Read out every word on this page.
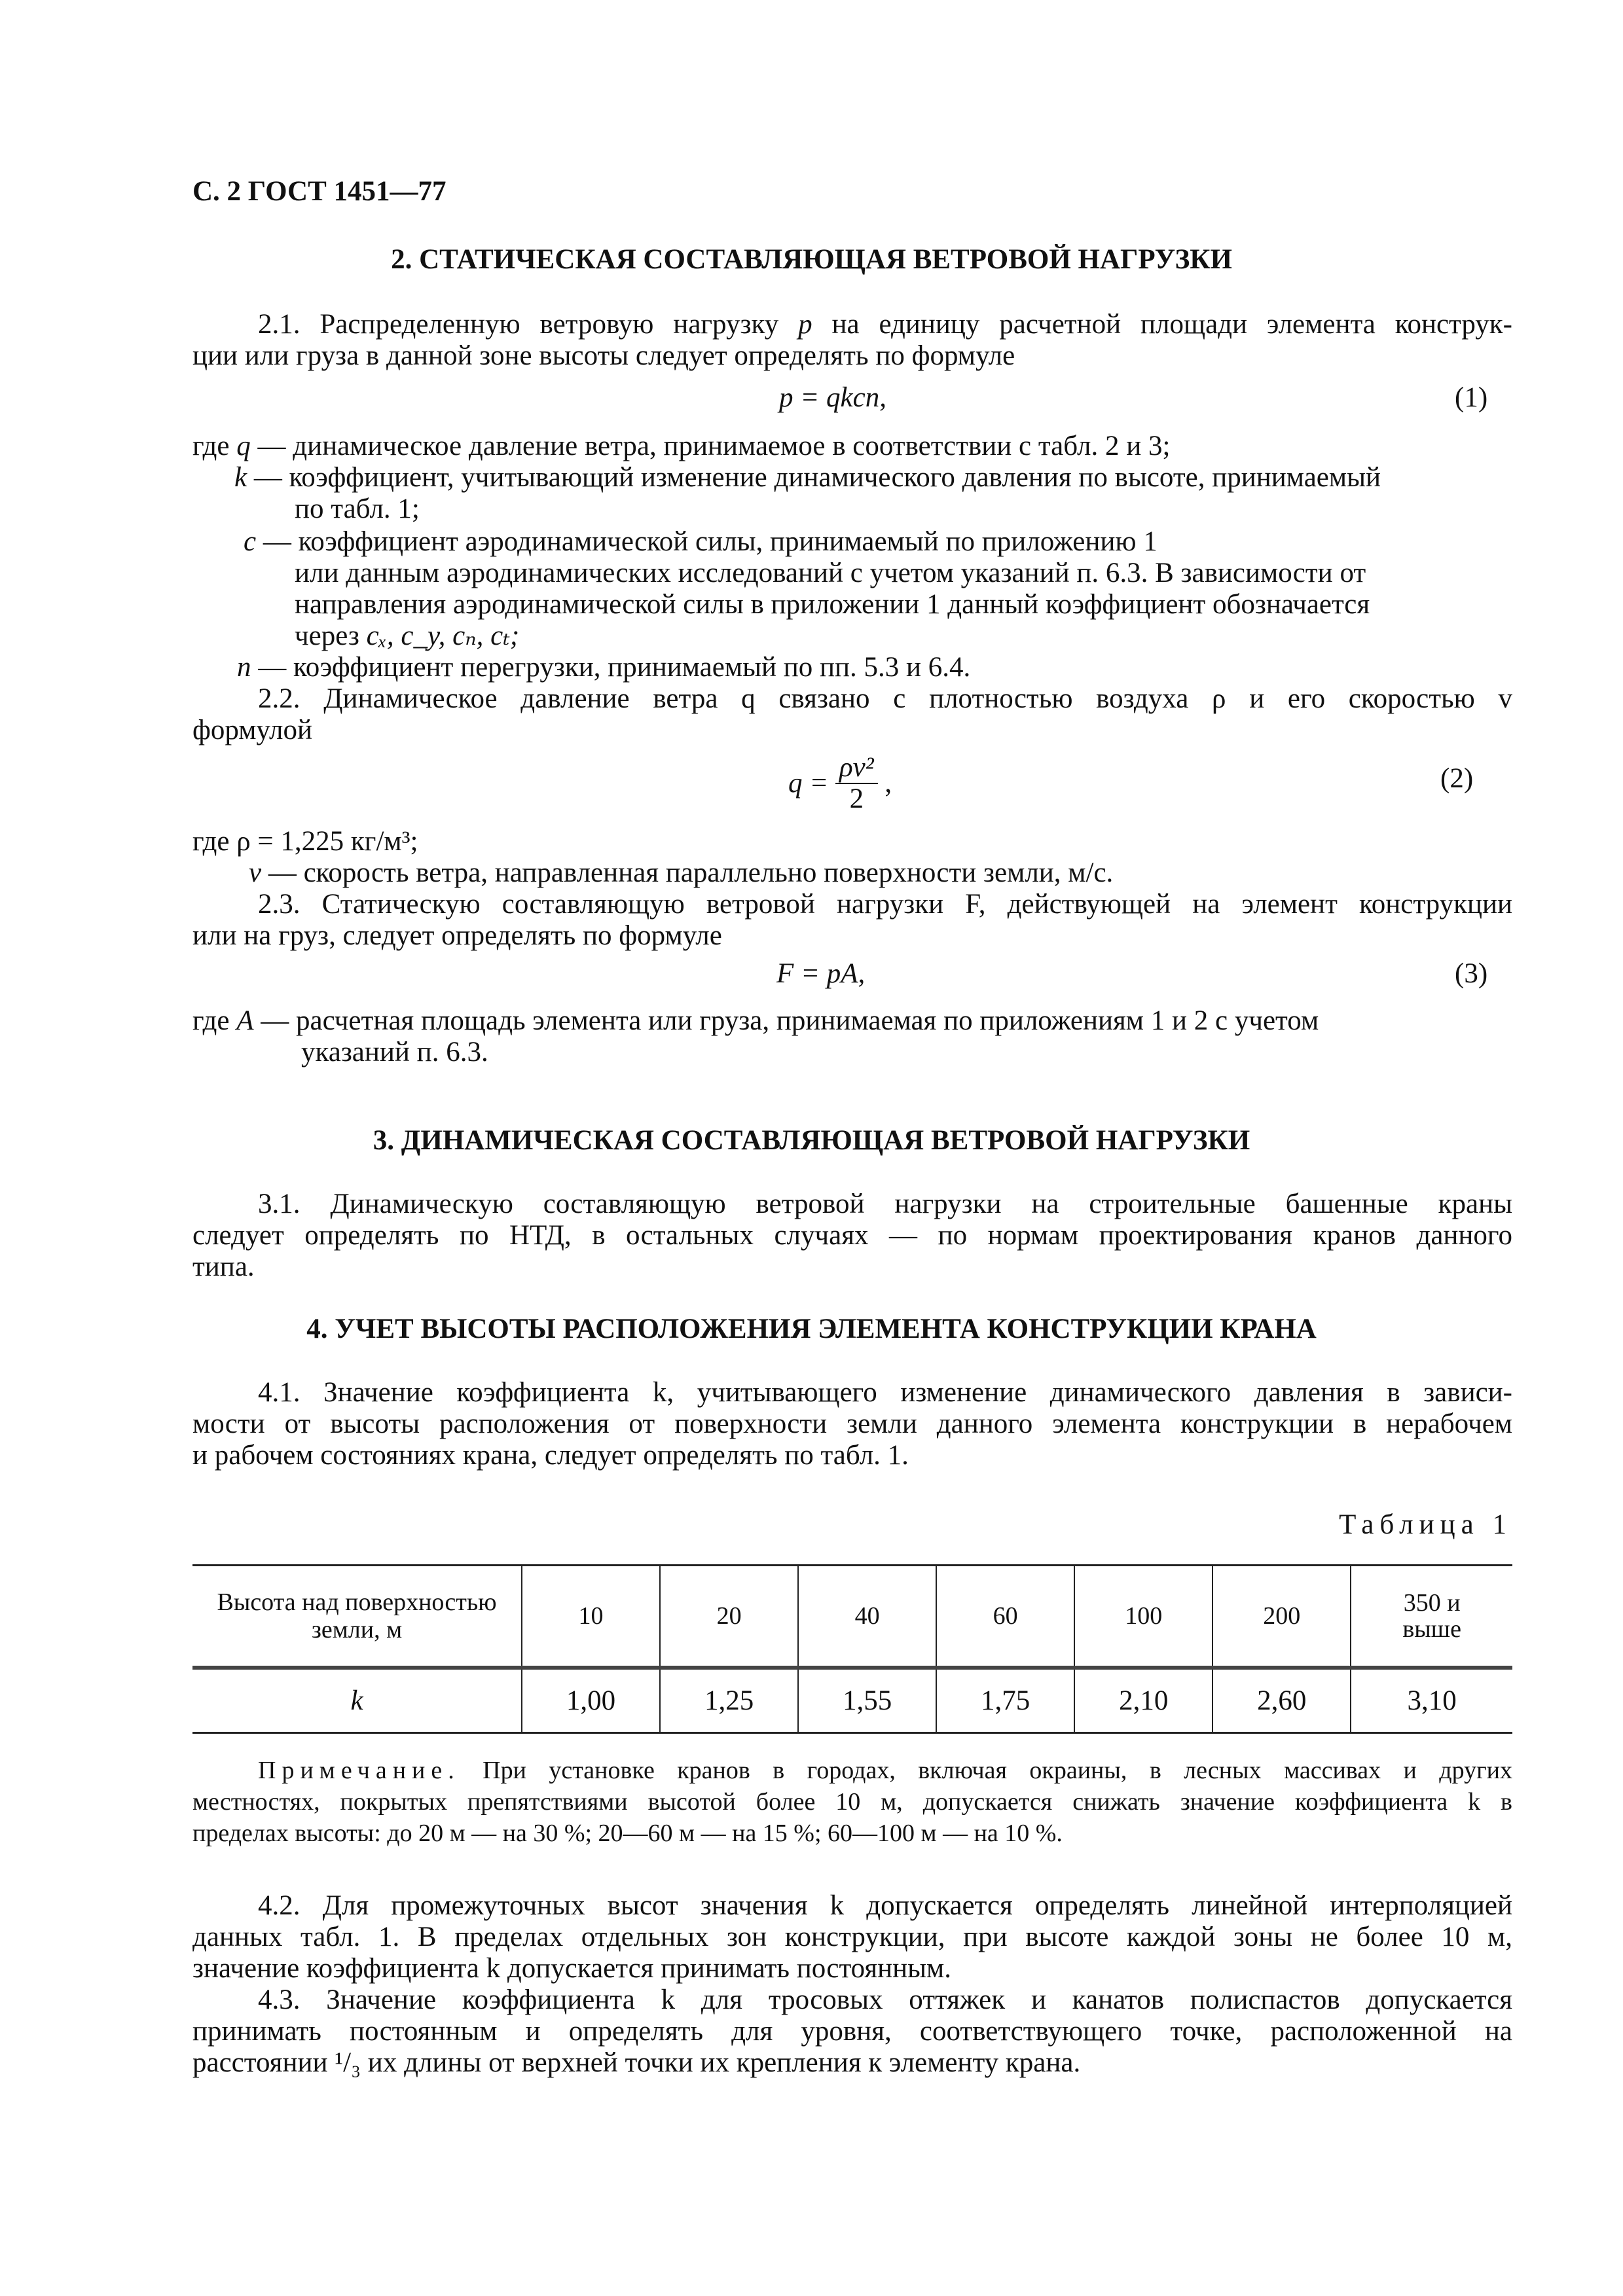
С. 2 ГОСТ 1451—77
2. СТАТИЧЕСКАЯ СОСТАВЛЯЮЩАЯ ВЕТРОВОЙ НАГРУЗКИ
2.1. Распределенную ветровую нагрузку p на единицу расчетной площади элемента конструк-
ции или груза в данной зоне высоты следует определять по формуле
p = qkcn,	(1)
где q — динамическое давление ветра, принимаемое в соответствии с табл. 2 и 3;
k — коэффициент, учитывающий изменение динамического давления по высоте, принимаемый
по табл. 1;
c — коэффициент аэродинамической силы, принимаемый по приложению 1
или данным аэродинамических исследований с учетом указаний п. 6.3. В зависимости от
направления аэродинамической силы в приложении 1 данный коэффициент обозначается
через cₓ, c_y, cₙ, cₜ;
n — коэффициент перегрузки, принимаемый по пп. 5.3 и 6.4.
2.2. Динамическое давление ветра q связано с плотностью воздуха ρ и его скоростью v
формулой
$q = \frac{\text{ρv²}}{2}$ ,	(2)
где ρ = 1,225 кг/м³;
v — скорость ветра, направленная параллельно поверхности земли, м/с.
2.3. Статическую составляющую ветровой нагрузки F, действующей на элемент конструкции
или на груз, следует определять по формуле
F = pA,	(3)
где A — расчетная площадь элемента или груза, принимаемая по приложениям 1 и 2 с учетом
указаний п. 6.3.
3. ДИНАМИЧЕСКАЯ СОСТАВЛЯЮЩАЯ ВЕТРОВОЙ НАГРУЗКИ
3.1. Динамическую составляющую ветровой нагрузки на строительные башенные краны
следует определять по НТД, в остальных случаях — по нормам проектирования кранов данного
типа.
4. УЧЕТ ВЫСОТЫ РАСПОЛОЖЕНИЯ ЭЛЕМЕНТА КОНСТРУКЦИИ КРАНА
4.1. Значение коэффициента k, учитывающего изменение динамического давления в зависи-
мости от высоты расположения от поверхности земли данного элемента конструкции в нерабочем
и рабочем состояниях крана, следует определять по табл. 1.
Таблица 1
Высота над поверхностью
земли, м	10	20	40	60	100	200	350 и
выше
k	1,00	1,25	1,55	1,75	2,10	2,60	3,10
Примечание. При установке кранов в городах, включая окраины, в лесных массивах и других
местностях, покрытых препятствиями высотой более 10 м, допускается снижать значение коэффициента k в
пределах высоты: до 20 м — на 30 %; 20—60 м — на 15 %; 60—100 м — на 10 %.
4.2. Для промежуточных высот значения k допускается определять линейной интерполяцией
данных табл. 1. В пределах отдельных зон конструкции, при высоте каждой зоны не более 10 м,
значение коэффициента k допускается принимать постоянным.
4.3. Значение коэффициента k для тросовых оттяжек и канатов полиспастов допускается
принимать постоянным и определять для уровня, соответствующего точке, расположенной на
расстоянии ¹/₃ их длины от верхней точки их крепления к элементу крана.
